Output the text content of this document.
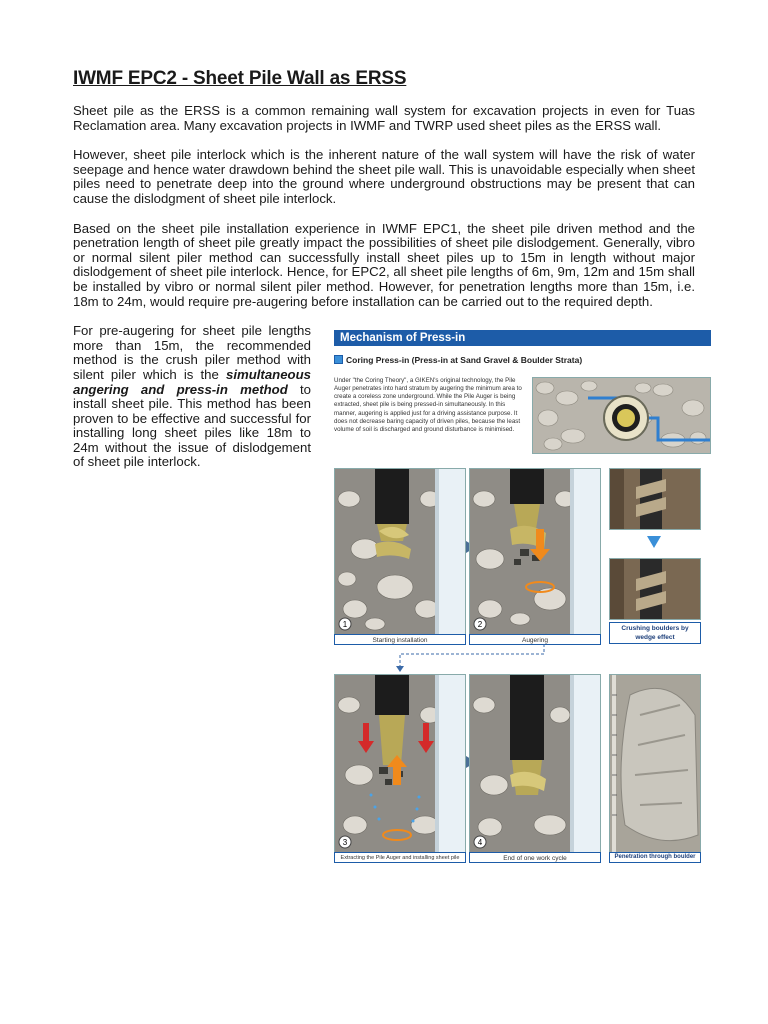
IWMF EPC2 - Sheet Pile Wall as ERSS

Sheet pile as the ERSS is a common remaining wall system for excavation projects in even for Tuas Reclamation area. Many excavation projects in IWMF and TWRP used sheet piles as the ERSS wall.

However, sheet pile interlock which is the inherent nature of the wall system will have the risk of water seepage and hence water drawdown behind the sheet pile wall. This is unavoidable especially when sheet piles need to penetrate deep into the ground where underground obstructions may be present that can cause the dislodgment of sheet pile interlock.

Based on the sheet pile installation experience in IWMF EPC1, the sheet pile driven method and the penetration length of sheet pile greatly impact the possibilities of sheet pile dislodgement. Generally, vibro or normal silent piler method can successfully install sheet piles up to 15m in length without major dislodgement of sheet pile interlock. Hence, for EPC2, all sheet pile lengths of 6m, 9m, 12m and 15m shall be installed by vibro or normal silent piler method. However, for penetration lengths more than 15m, i.e. 18m to 24m, would require pre-augering before installation can be carried out to the required depth.

For pre-augering for sheet pile lengths more than 15m, the recommended method is the crush piler method with silent piler which is the simultaneous angering and press-in method to install sheet pile. This method has been proven to be effective and successful for installing long sheet piles like 18m to 24m without the issue of dislodgement of sheet pile interlock.
Mechanism of Press-in
Coring Press-in (Press-in at Sand Gravel & Boulder Strata)
Under "the Coring Theory", a GIKEN's original technology, the Pile Auger penetrates into hard stratum by augering the minimum area to create a coreless zone underground. While the Pile Auger is being extracted, sheet pile is being pressed-in simultaneously. In this manner, augering is applied just for a driving assistance purpose. It does not decrease baring capacity of driven piles, because the least volume of soil is discharged and ground disturbance is minimised.
1
Starting installation
2
Augering
Crushing boulders by wedge effect
3
Extracting the Pile Auger and installing sheet pile
4
End of one work cycle	Penetration through boulder
